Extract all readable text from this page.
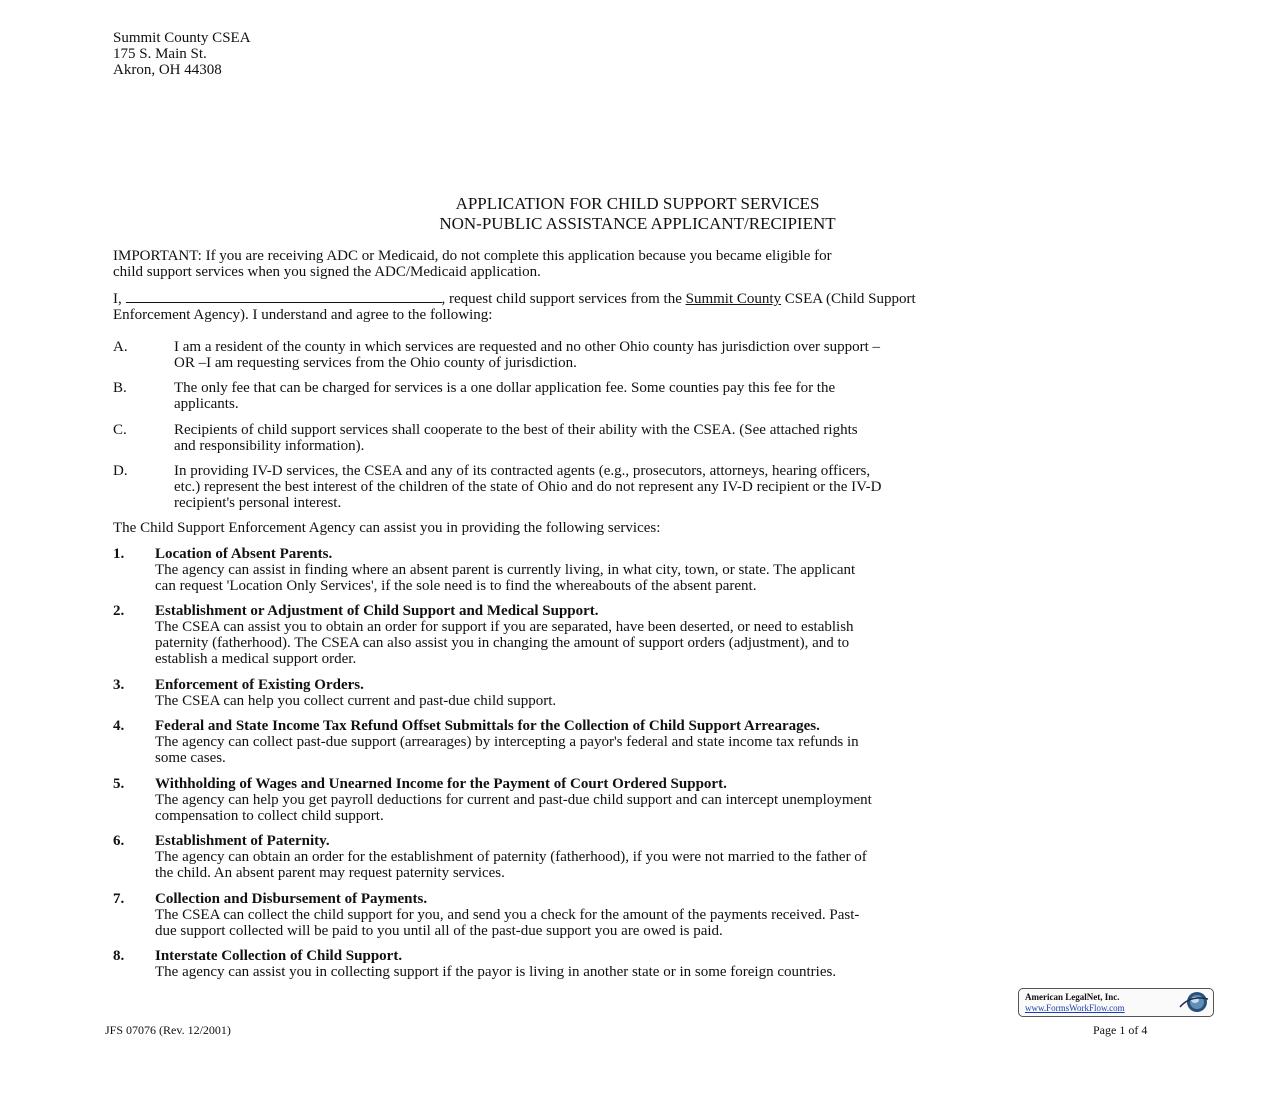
Summit County CSEA
175 S. Main St.
Akron, OH 44308
APPLICATION FOR CHILD SUPPORT SERVICES
NON-PUBLIC ASSISTANCE APPLICANT/RECIPIENT
IMPORTANT: If you are receiving ADC or Medicaid, do not complete this application because you became eligible for
child support services when you signed the ADC/Medicaid application.
I,	, request child support services from the Summit County CSEA (Child Support
Enforcement Agency). I understand and agree to the following:
A.	I am a resident of the county in which services are requested and no other Ohio county has jurisdiction over support –
OR –I am requesting services from the Ohio county of jurisdiction.
B.	The only fee that can be charged for services is a one dollar application fee. Some counties pay this fee for the
applicants.
C.	Recipients of child support services shall cooperate to the best of their ability with the CSEA. (See attached rights
and responsibility information).
D.	In providing IV-D services, the CSEA and any of its contracted agents (e.g., prosecutors, attorneys, hearing officers,
etc.) represent the best interest of the children of the state of Ohio and do not represent any IV-D recipient or the IV-D
recipient's personal interest.
The Child Support Enforcement Agency can assist you in providing the following services:
1. Location of Absent Parents.
The agency can assist in finding where an absent parent is currently living, in what city, town, or state. The applicant
can request 'Location Only Services', if the sole need is to find the whereabouts of the absent parent.
2. Establishment or Adjustment of Child Support and Medical Support.
The CSEA can assist you to obtain an order for support if you are separated, have been deserted, or need to establish
paternity (fatherhood). The CSEA can also assist you in changing the amount of support orders (adjustment), and to
establish a medical support order.
3. Enforcement of Existing Orders.
The CSEA can help you collect current and past-due child support.
4. Federal and State Income Tax Refund Offset Submittals for the Collection of Child Support Arrearages.
The agency can collect past-due support (arrearages) by intercepting a payor's federal and state income tax refunds in
some cases.
5. Withholding of Wages and Unearned Income for the Payment of Court Ordered Support.
The agency can help you get payroll deductions for current and past-due child support and can intercept unemployment
compensation to collect child support.
6. Establishment of Paternity.
The agency can obtain an order for the establishment of paternity (fatherhood), if you were not married to the father of
the child. An absent parent may request paternity services.
7. Collection and Disbursement of Payments.
The CSEA can collect the child support for you, and send you a check for the amount of the payments received. Past-
due support collected will be paid to you until all of the past-due support you are owed is paid.
8. Interstate Collection of Child Support.
The agency can assist you in collecting support if the payor is living in another state or in some foreign countries.
American LegalNet, Inc.
www.FormsWorkFlow.com
JFS 07076 (Rev. 12/2001)	Page 1 of 4
